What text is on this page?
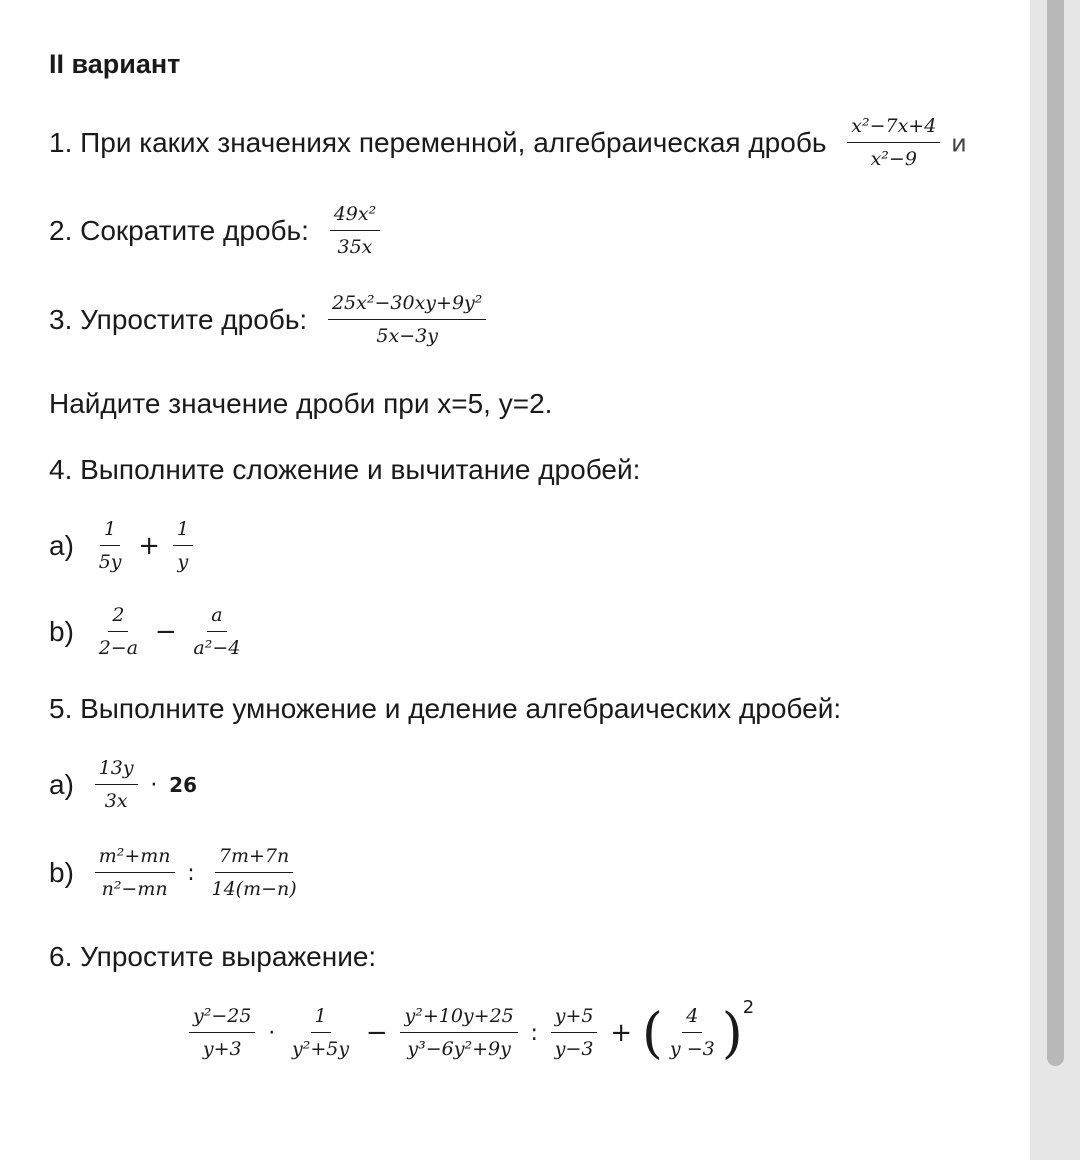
II вариант
1. При каких значениях переменной, алгебраическая дробь $\frac{\text{x²−7x+4}}{\text{x²−9}}$ и
2. Сократите дробь: $\frac{\text{49x²}}{35x}$
3. Упростите дробь: $\frac{\text{25x²−30xy+9y²}}{5x-3y}$
Найдите значение дроби при x=5, y=2.
4. Выполните сложение и вычитание дробей:
$a) \frac{1}{5y} + \frac{1}{y}$
$b) \frac{2}{2-a} - \frac{a}{\text{a²−4}}$
5. Выполните умножение и деление алгебраических дробей:
$a) \frac{13y}{3x} \cdot 26$
$b) \frac{\text{m²+mn}}{\text{n²−mn}}$ : $\frac{7m+7n}{14(m-n)}$
6. Упростите выражение:
$\frac{\text{y²−25}}{y+3} \cdot \frac{1}{\text{y²+5y}} - \frac{\text{y²+10y+25}}{\text{y³−6y²+9y}}$ : $\frac{y+5}{y-3}$ + ( $\frac{4}{y -3} )^2$
